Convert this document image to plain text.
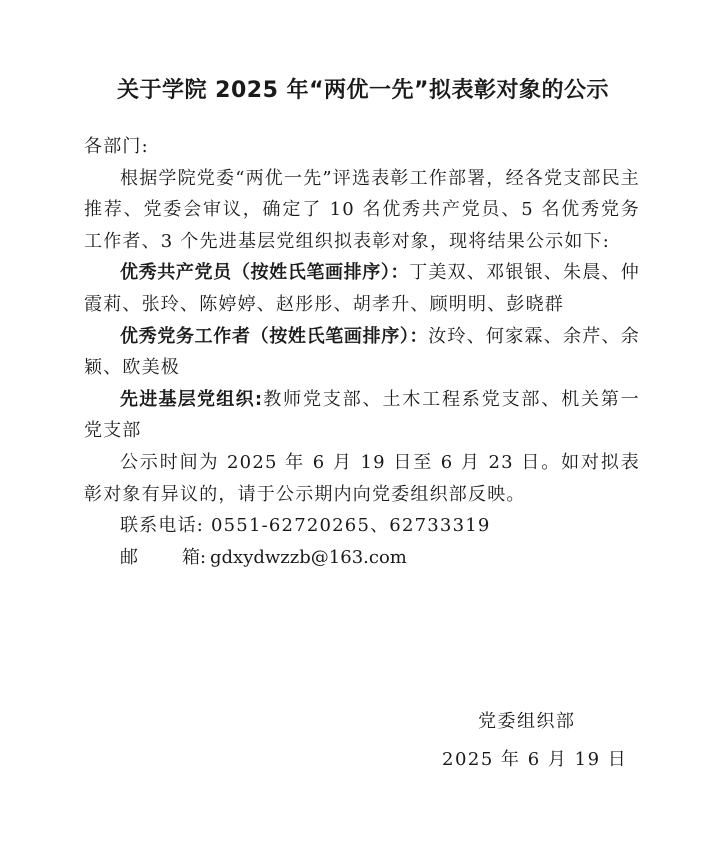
关于学院 2025 年“两优一先”拟表彰对象的公示

各部门:

根据学院党委“两优一先”评选表彰工作部署，经各党支部民主推荐、党委会审议，确定了 10 名优秀共产党员、5 名优秀党务工作者、3 个先进基层党组织拟表彰对象，现将结果公示如下:

优秀共产党员（按姓氏笔画排序）：丁美双、邓银银、朱晨、仲霞莉、张玲、陈婷婷、赵彤彤、胡孝升、顾明明、彭晓群

优秀党务工作者（按姓氏笔画排序）：汝玲、何家霖、余芹、余颖、欧美极

先进基层党组织:教师党支部、土木工程系党支部、机关第一党支部

公示时间为 2025 年 6 月 19 日至 6 月 23 日。如对拟表彰对象有异议的，请于公示期内向党委组织部反映。

联系电话: 0551-62720265、62733319

邮 箱: gdxydwzzb@163.com

党委组织部
2025 年 6 月 19 日
